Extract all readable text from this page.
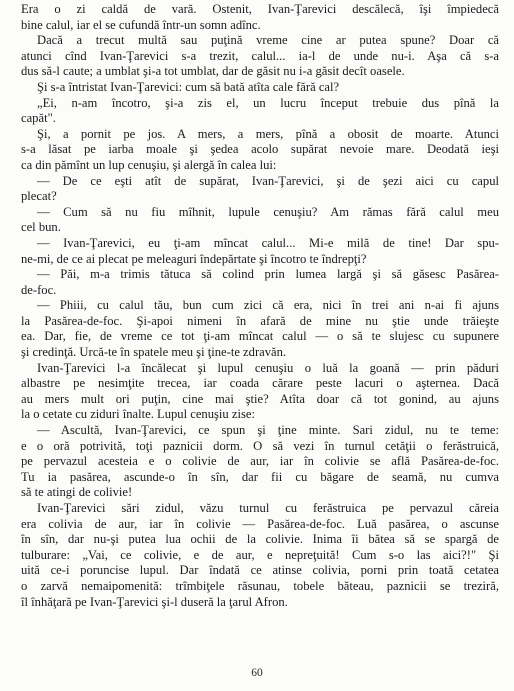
Era o zi caldă de vară. Ostenit, Ivan-Ţarevici descălecă, îşi împiedecă
bine calul, iar el se cufundă într-un somn adînc.
Dacă a trecut multă sau puţină vreme cine ar putea spune? Doar că
atunci cînd Ivan-Ţarevici s-a trezit, calul... ia-l de unde nu-i. Aşa că s-a
dus să-l caute; a umblat şi-a tot umblat, dar de găsit nu i-a găsit decît oasele.
Şi s-a întristat Ivan-Ţarevici: cum să bată atîta cale fără cal?
„Ei, n-am încotro, şi-a zis el, un lucru început trebuie dus pînă la
capăt".
Şi, a pornit pe jos. A mers, a mers, pînă a obosit de moarte. Atunci
s-a lăsat pe iarba moale şi şedea acolo supărat nevoie mare. Deodată ieşi
ca din pămînt un lup cenuşiu, şi alergă în calea lui:
— De ce eşti atît de supărat, Ivan-Ţarevici, şi de şezi aici cu capul
plecat?
— Cum să nu fiu mîhnit, lupule cenuşiu? Am rămas fără calul meu
cel bun.
— Ivan-Ţarevici, eu ţi-am mîncat calul... Mi-e milă de tine! Dar spu-
ne-mi, de ce ai plecat pe meleaguri îndepărtate şi încotro te îndrepţi?
— Păi, m-a trimis tătuca să colind prin lumea largă şi să găsesc Pasărea-
de-foc.
— Phiii, cu calul tău, bun cum zici că era, nici în trei ani n-ai fi ajuns
la Pasărea-de-foc. Şi-apoi nimeni în afară de mine nu ştie unde trăieşte
ea. Dar, fie, de vreme ce tot ţi-am mîncat calul — o să te slujesc cu supunere
şi credinţă. Urcă-te în spatele meu şi ţine-te zdravăn.
Ivan-Ţarevici l-a încălecat şi lupul cenuşiu o luă la goană — prin păduri
albastre pe nesimţite trecea, iar coada cărare peste lacuri o aşternea. Dacă
au mers mult ori puţin, cine mai ştie? Atîta doar că tot gonind, au ajuns
la o cetate cu ziduri înalte. Lupul cenuşiu zise:
— Ascultă, Ivan-Ţarevici, ce spun şi ţine minte. Sari zidul, nu te teme:
e o oră potrivită, toţi paznicii dorm. O să vezi în turnul cetăţii o ferăstruică,
pe pervazul acesteia e o colivie de aur, iar în colivie se află Pasărea-de-foc.
Tu ia pasărea, ascunde-o în sîn, dar fii cu băgare de seamă, nu cumva
să te atingi de colivie!
Ivan-Ţarevici sări zidul, văzu turnul cu ferăstruica pe pervazul căreia
era colivia de aur, iar în colivie — Pasărea-de-foc. Luă pasărea, o ascunse
în sîn, dar nu-şi putea lua ochii de la colivie. Inima îi bătea să se spargă de
tulburare: „Vai, ce colivie, e de aur, e nepreţuită! Cum s-o las aici?!" Şi
uită ce-i poruncise lupul. Dar îndată ce atinse colivia, porni prin toată cetatea
o zarvă nemaipomenită: trîmbiţele răsunau, tobele băteau, paznicii se treziră,
îl înhăţară pe Ivan-Ţarevici şi-l duseră la ţarul Afron.
60
